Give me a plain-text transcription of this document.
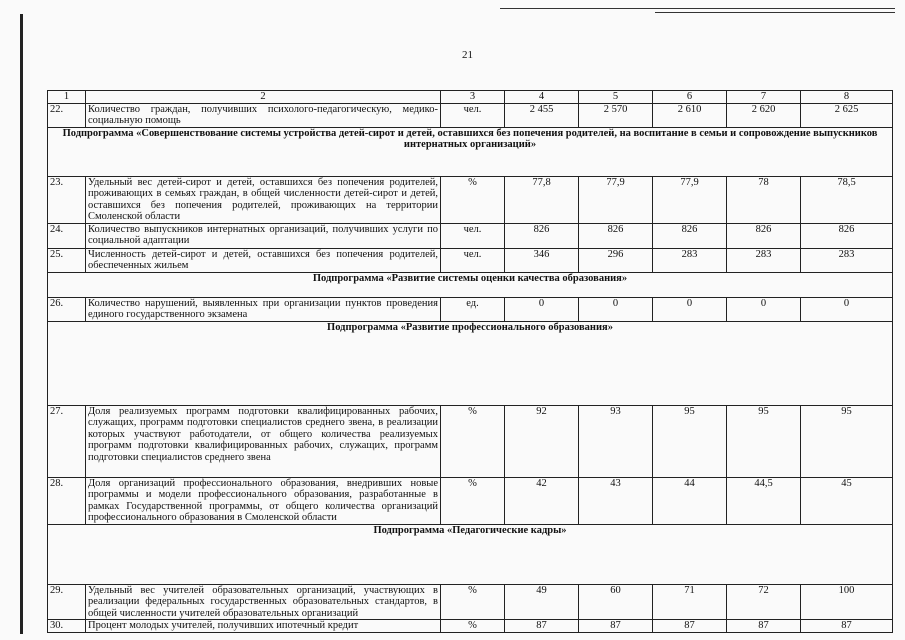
21
1	2	3	4	5	6	7	8
22.	Количество граждан, получивших психолого-педагогическую, медико-социальную помощь	чел.	2 455	2 570	2 610	2 620	2 625
Подпрограмма «Совершенствование системы устройства детей-сирот и детей, оставшихся без попечения родителей, на воспитание в семьи и сопровождение выпускников интернатных организаций»							
23.	Удельный вес детей-сирот и детей, оставшихся без попечения родителей, проживающих в семьях граждан, в общей численности детей-сирот и детей, оставшихся без попечения родителей, проживающих на территории Смоленской области	%	77,8	77,9	77,9	78	78,5
24.	Количество выпускников интернатных организаций, получивших услуги по социальной адаптации	чел.	826	826	826	826	826
25.	Численность детей-сирот и детей, оставшихся без попечения родителей, обеспеченных жильем	чел.	346	296	283	283	283
Подпрограмма «Развитие системы оценки качества образования»							
26.	Количество нарушений, выявленных при организации пунктов проведения единого государственного экзамена	ед.	0	0	0	0	0
Подпрограмма «Развитие профессионального образования»							
27.	Доля реализуемых программ подготовки квалифицированных рабочих, служащих, программ подготовки специалистов среднего звена, в реализации которых участвуют работодатели, от общего количества реализуемых программ подготовки квалифицированных рабочих, служащих, программ подготовки специалистов среднего звена	%	92	93	95	95	95
28.	Доля организаций профессионального образования, внедривших новые программы и модели профессионального образования, разработанные в рамках Государственной программы, от общего количества организаций профессионального образования в Смоленской области	%	42	43	44	44,5	45
Подпрограмма «Педагогические кадры»							
29.	Удельный вес учителей образовательных организаций, участвующих в реализации федеральных государственных образовательных стандартов, в общей численности учителей образовательных организаций	%	49	60	71	72	100
30.	Процент молодых учителей, получивших ипотечный кредит	%	87	87	87	87	87
